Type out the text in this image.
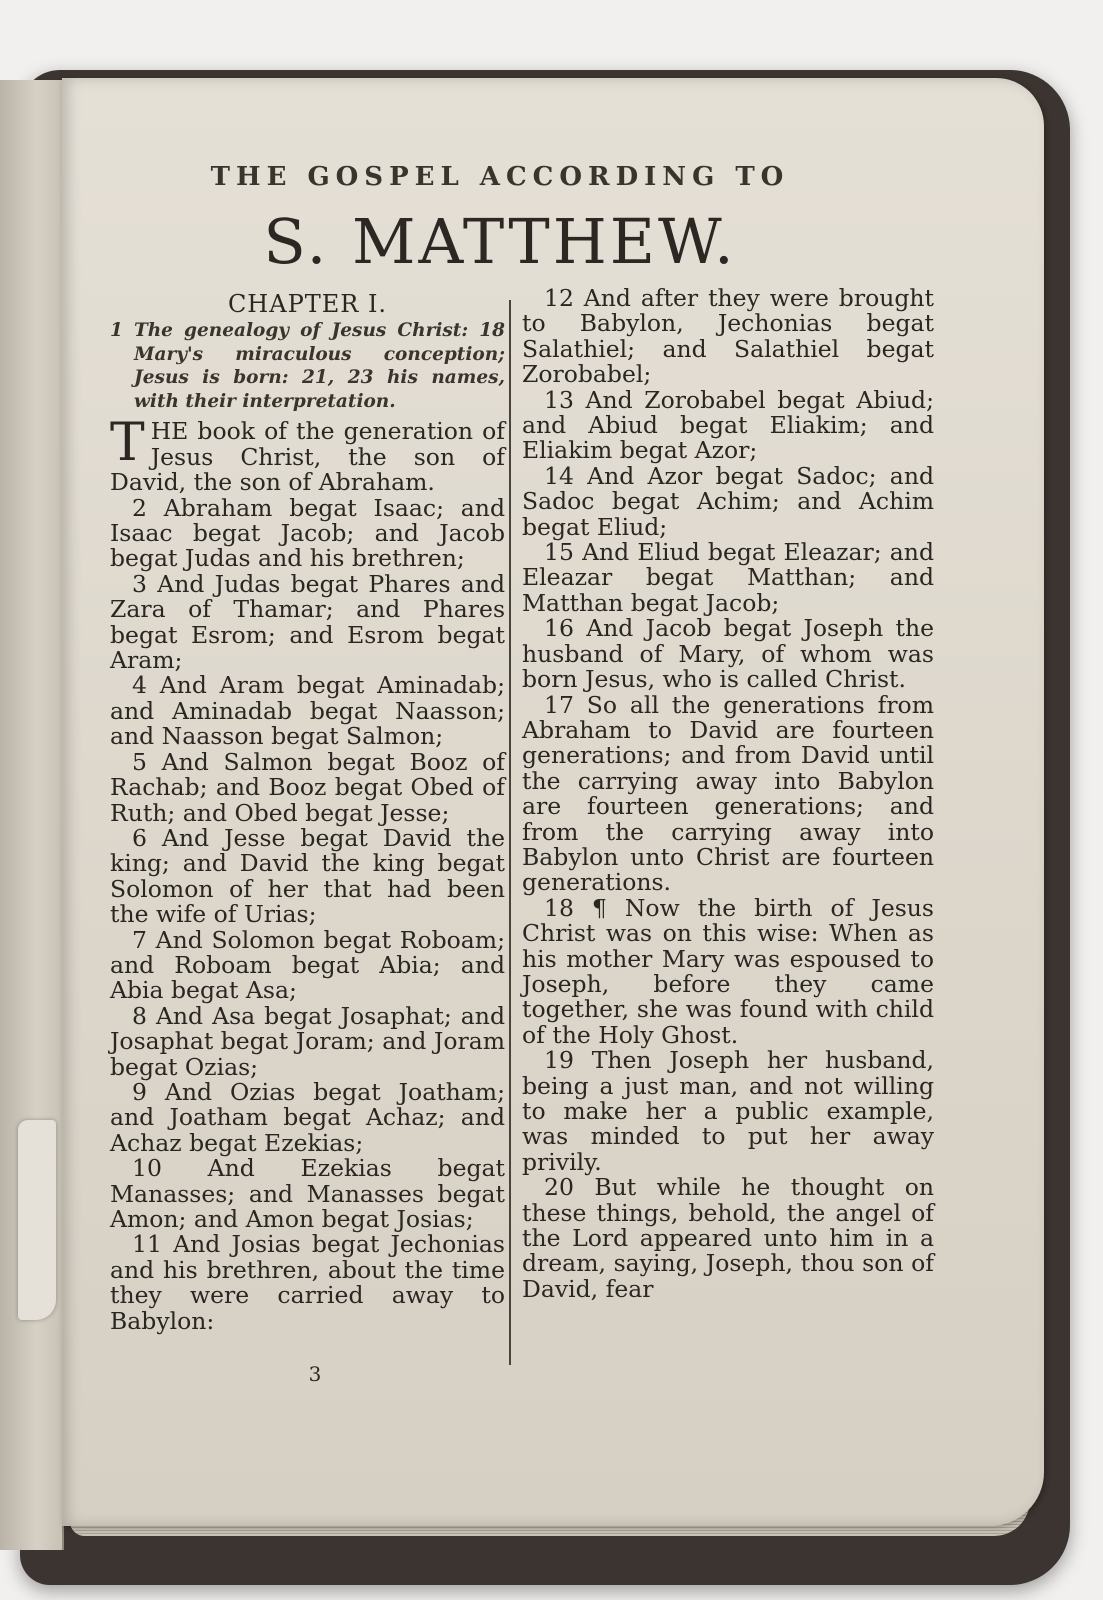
THE GOSPEL ACCORDING TO
S. MATTHEW.
CHAPTER I.
1 The genealogy of Jesus Christ: 18 Mary's miraculous conception; Jesus is born: 21, 23 his names, with their interpretation.

THE book of the generation of Jesus Christ, the son of David, the son of Abraham.

2 Abraham begat Isaac; and Isaac begat Jacob; and Jacob begat Judas and his brethren;

3 And Judas begat Phares and Zara of Thamar; and Phares begat Esrom; and Esrom begat Aram;

4 And Aram begat Aminadab; and Aminadab begat Naasson; and Naasson begat Salmon;

5 And Salmon begat Booz of Rachab; and Booz begat Obed of Ruth; and Obed begat Jesse;

6 And Jesse begat David the king; and David the king begat Solomon of her that had been the wife of Urias;

7 And Solomon begat Roboam; and Roboam begat Abia; and Abia begat Asa;

8 And Asa begat Josaphat; and Josaphat begat Joram; and Joram begat Ozias;

9 And Ozias begat Joatham; and Joatham begat Achaz; and Achaz begat Ezekias;

10 And Ezekias begat Manasses; and Manasses begat Amon; and Amon begat Josias;

11 And Josias begat Jechonias and his brethren, about the time they were carried away to Babylon:

12 And after they were brought to Babylon, Jechonias begat Salathiel; and Salathiel begat Zorobabel;

13 And Zorobabel begat Abiud; and Abiud begat Eliakim; and Eliakim begat Azor;

14 And Azor begat Sadoc; and Sadoc begat Achim; and Achim begat Eliud;

15 And Eliud begat Eleazar; and Eleazar begat Matthan; and Matthan begat Jacob;

16 And Jacob begat Joseph the husband of Mary, of whom was born Jesus, who is called Christ.

17 So all the generations from Abraham to David are fourteen generations; and from David until the carrying away into Babylon are fourteen generations; and from the carrying away into Babylon unto Christ are fourteen generations.

18 ¶ Now the birth of Jesus Christ was on this wise: When as his mother Mary was espoused to Joseph, before they came together, she was found with child of the Holy Ghost.

19 Then Joseph her husband, being a just man, and not willing to make her a public example, was minded to put her away privily.

20 But while he thought on these things, behold, the angel of the Lord appeared unto him in a dream, saying, Joseph, thou son of David, fear

3
